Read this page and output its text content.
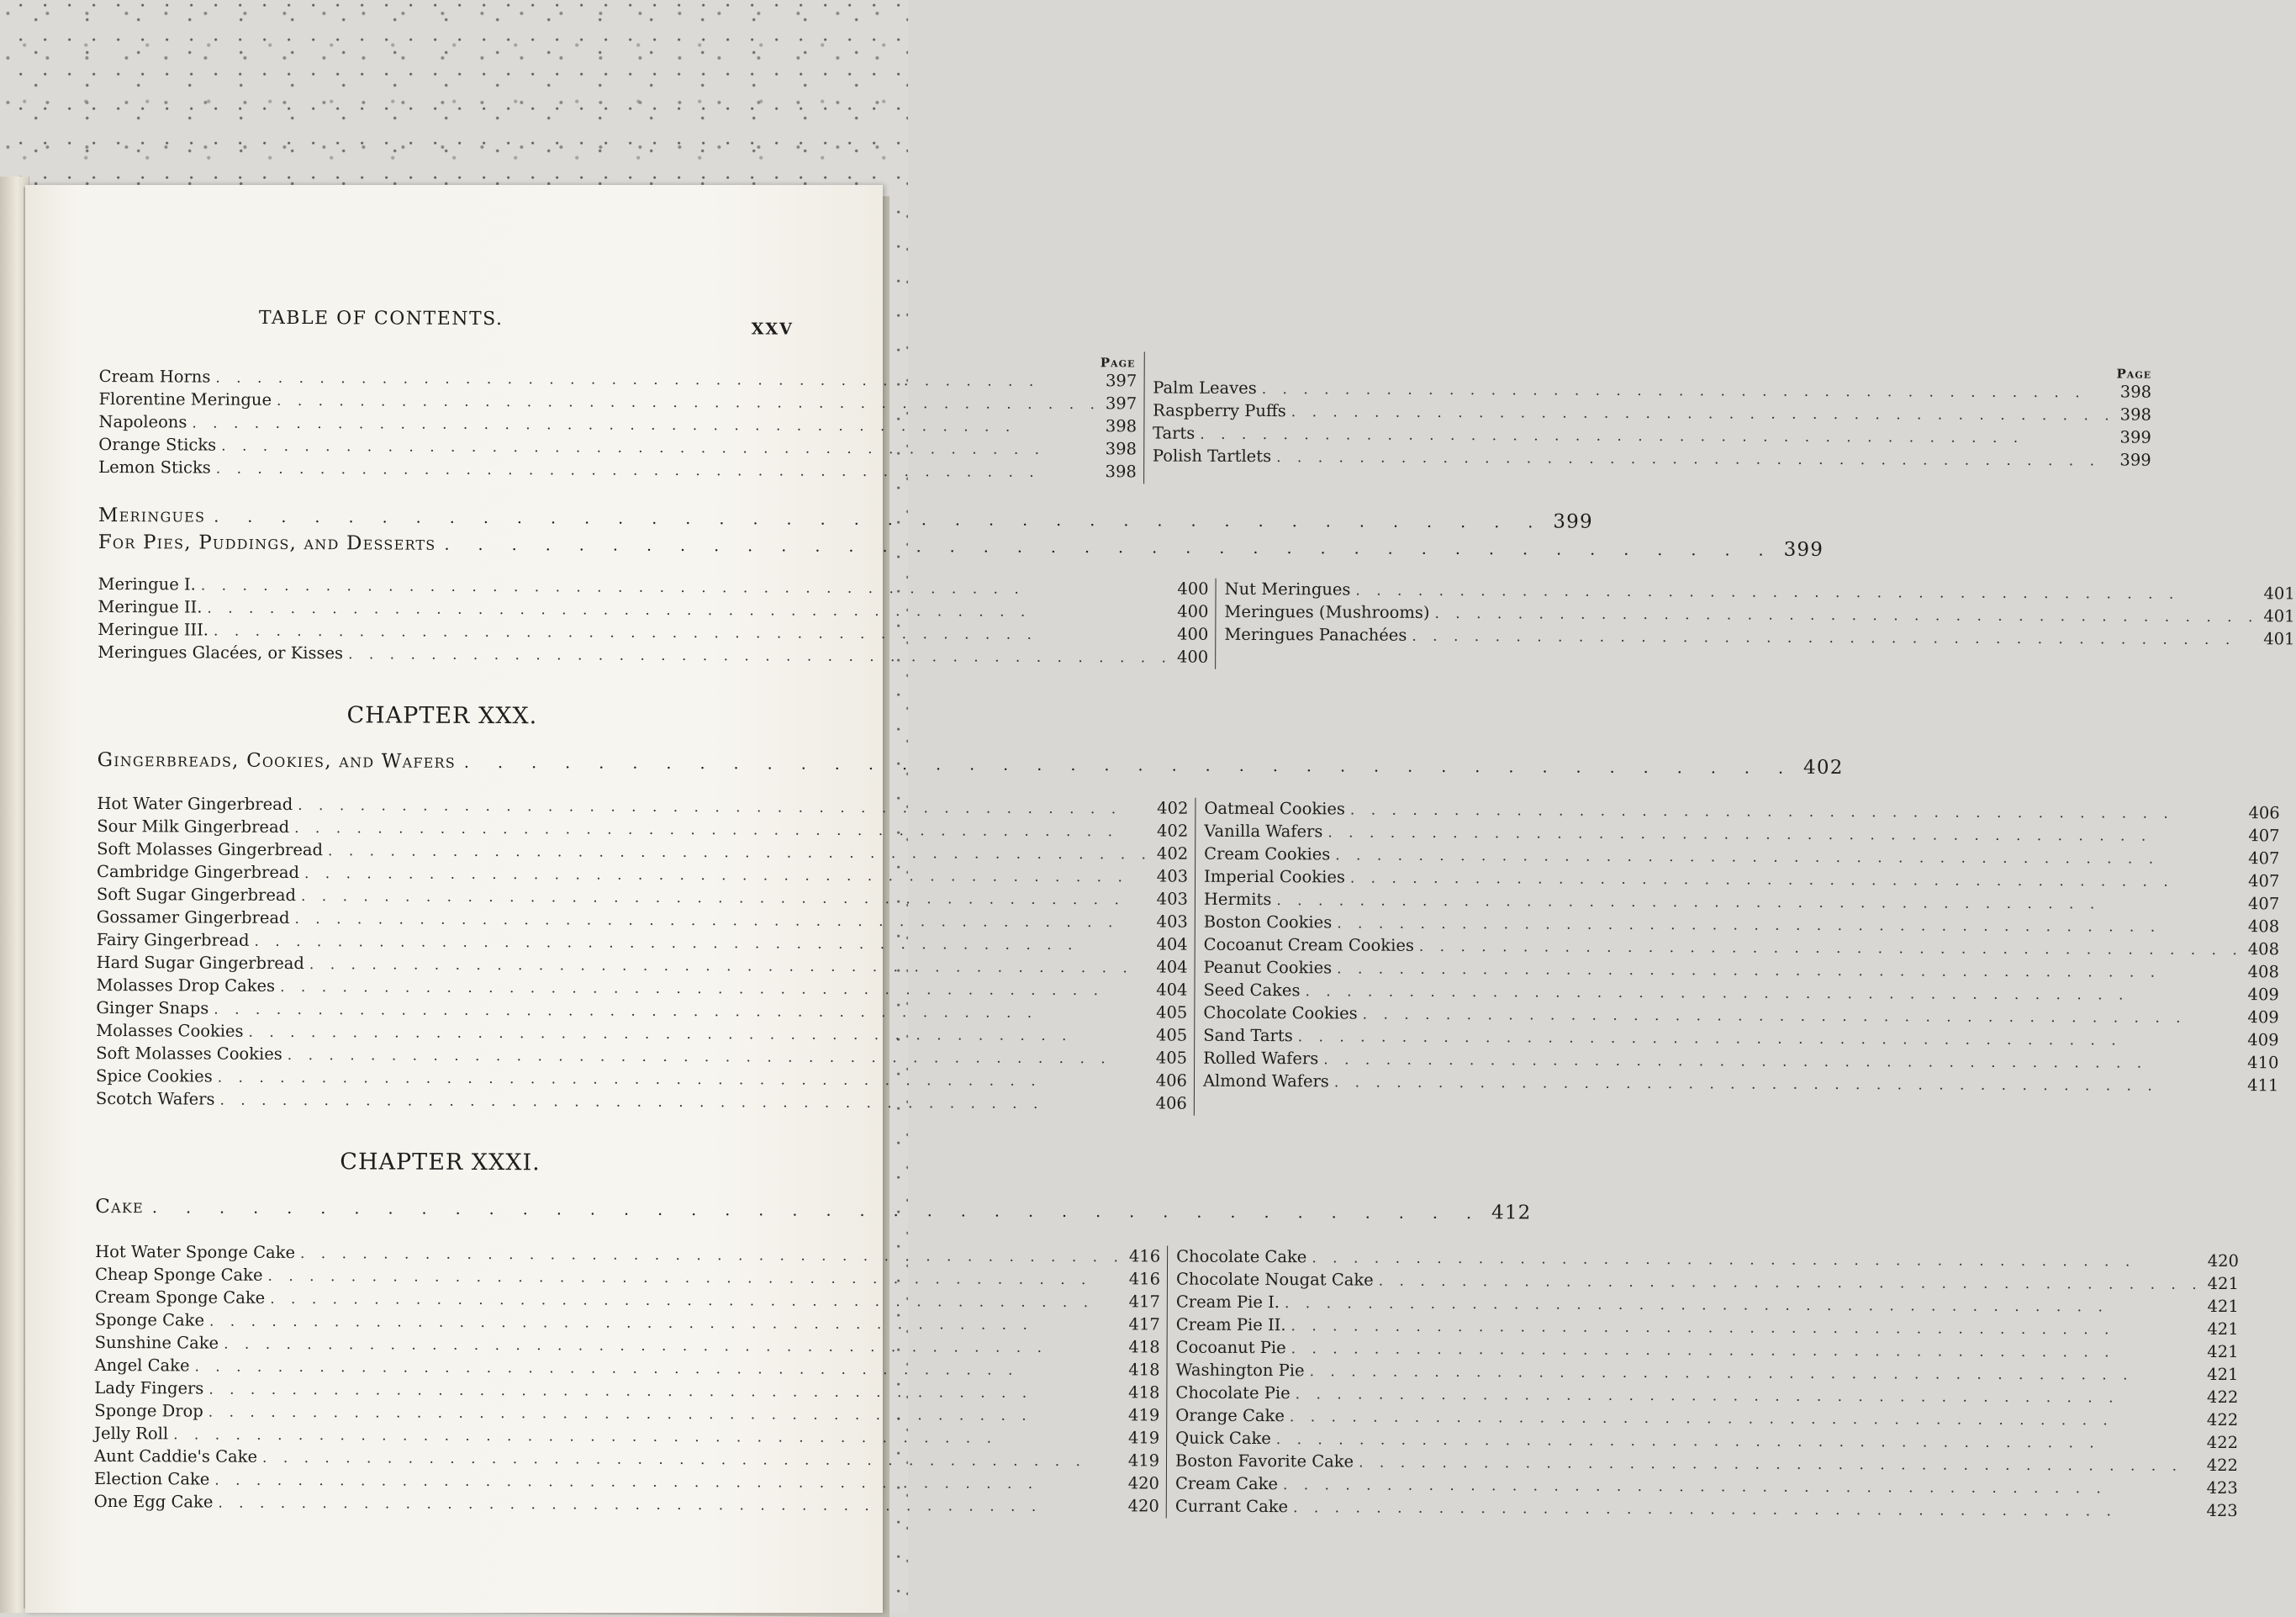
TABLE OF CONTENTS.	XXV
Page
Cream Horns . . .	397
Florentine Meringue . . .	397
Napoleons . . .	398
Orange Sticks . . .	398
Lemon Sticks . . .	398
Page
Palm Leaves . . .	398
Raspberry Puffs . . .	398
Tarts . . .	399
Polish Tartlets . . .	399
Meringues . . .	399
For Pies, Puddings, and Desserts . . .	399
Meringue I. . . .	400
Meringue II. . . .	400
Meringue III. . . .	400
Meringues Glacées, or Kisses . . .	400
Nut Meringues . . .	401
Meringues (Mushrooms) . . .	401
Meringues Panachées . . .	401
CHAPTER XXX.
Gingerbreads, Cookies, and Wafers . . .	402
Hot Water Gingerbread . . .	402
Sour Milk Gingerbread . . .	402
Soft Molasses Gingerbread . . .	402
Cambridge Gingerbread . . .	403
Soft Sugar Gingerbread . . .	403
Gossamer Gingerbread . . .	403
Fairy Gingerbread . . .	404
Hard Sugar Gingerbread . . .	404
Molasses Drop Cakes . . .	404
Ginger Snaps . . .	405
Molasses Cookies . . .	405
Soft Molasses Cookies . . .	405
Spice Cookies . . .	406
Scotch Wafers . . .	406
Oatmeal Cookies . . .	406
Vanilla Wafers . . .	407
Cream Cookies . . .	407
Imperial Cookies . . .	407
Hermits . . .	407
Boston Cookies . . .	408
Cocoanut Cream Cookies . . .	408
Peanut Cookies . . .	408
Seed Cakes . . .	409
Chocolate Cookies . . .	409
Sand Tarts . . .	409
Rolled Wafers . . .	410
Almond Wafers . . .	411
CHAPTER XXXI.
Cake . . .	412
Hot Water Sponge Cake . . .	416
Cheap Sponge Cake . . .	416
Cream Sponge Cake . . .	417
Sponge Cake . . .	417
Sunshine Cake . . .	418
Angel Cake . . .	418
Lady Fingers . . .	418
Sponge Drop . . .	419
Jelly Roll . . .	419
Aunt Caddie's Cake . . .	419
Election Cake . . .	420
One Egg Cake . . .	420
Chocolate Cake . . .	420
Chocolate Nougat Cake . . .	421
Cream Pie I. . . .	421
Cream Pie II. . . .	421
Cocoanut Pie . . .	421
Washington Pie . . .	421
Chocolate Pie . . .	422
Orange Cake . . .	422
Quick Cake . . .	422
Boston Favorite Cake . . .	422
Cream Cake . . .	423
Currant Cake . . .	423
